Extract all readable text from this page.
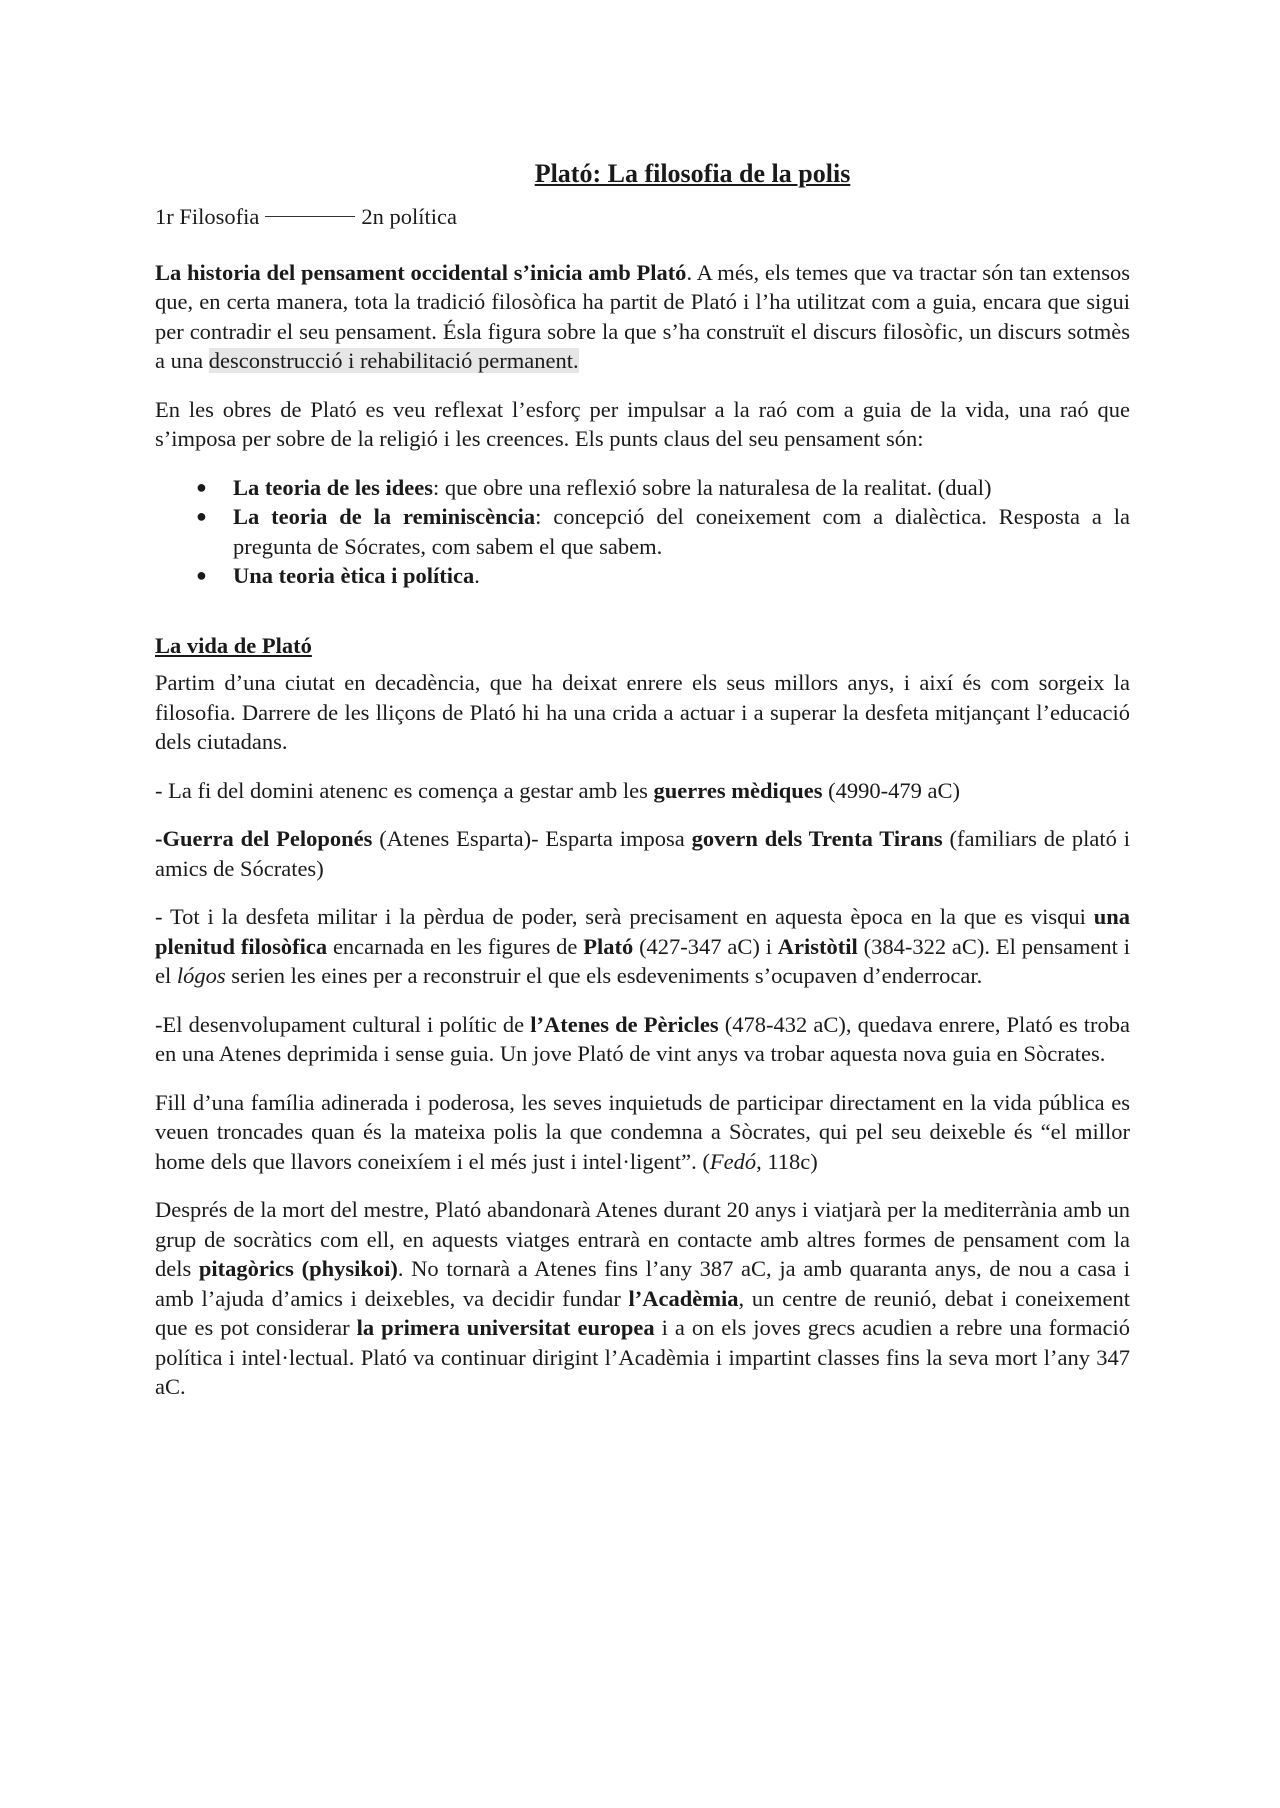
Plató: La filosofia de la polis
1r Filosofia	2n política

La historia del pensament occidental s’inicia amb Plató. A més, els temes que va tractar són tan extensos que, en certa manera, tota la tradició filosòfica ha partit de Plató i l’ha utilitzat com a guia, encara que sigui per contradir el seu pensament. Ésla figura sobre la que s’ha construït el discurs filosòfic, un discurs sotmès a una desconstrucció i rehabilitació permanent.

En les obres de Plató es veu reflexat l’esforç per impulsar a la raó com a guia de la vida, una raó que s’imposa per sobre de la religió i les creences. Els punts claus del seu pensament són:

● La teoria de les idees: que obre una reflexió sobre la naturalesa de la realitat. (dual)
● La teoria de la reminiscència: concepció del coneixement com a dialèctica. Resposta a la pregunta de Sócrates, com sabem el que sabem.
● Una teoria ètica i política.
La vida de Plató

Partim d’una ciutat en decadència, que ha deixat enrere els seus millors anys, i així és com sorgeix la filosofia. Darrere de les lliçons de Plató hi ha una crida a actuar i a superar la desfeta mitjançant l’educació dels ciutadans.

- La fi del domini atenenc es comença a gestar amb les guerres mèdiques (4990-479 aC)

-Guerra del Peloponés (Atenes Esparta)- Esparta imposa govern dels Trenta Tirans (familiars de plató i amics de Sócrates)

- Tot i la desfeta militar i la pèrdua de poder, serà precisament en aquesta època en la que es visqui una plenitud filosòfica encarnada en les figures de Plató (427-347 aC) i Aristòtil (384-322 aC). El pensament i el lógos serien les eines per a reconstruir el que els esdeveniments s’ocupaven d’enderrocar.

-El desenvolupament cultural i polític de l’Atenes de Pèricles (478-432 aC), quedava enrere, Plató es troba en una Atenes deprimida i sense guia. Un jove Plató de vint anys va trobar aquesta nova guia en Sòcrates.

Fill d’una família adinerada i poderosa, les seves inquietuds de participar directament en la vida pública es veuen troncades quan és la mateixa polis la que condemna a Sòcrates, qui pel seu deixeble és “el millor home dels que llavors coneixíem i el més just i intel·ligent”. (Fedó, 118c)

Després de la mort del mestre, Plató abandonarà Atenes durant 20 anys i viatjarà per la mediterrània amb un grup de socràtics com ell, en aquests viatges entrarà en contacte amb altres formes de pensament com la dels pitagòrics (physikoi). No tornarà a Atenes fins l’any 387 aC, ja amb quaranta anys, de nou a casa i amb l’ajuda d’amics i deixebles, va decidir fundar l’Acadèmia, un centre de reunió, debat i coneixement que es pot considerar la primera universitat europea i a on els joves grecs acudien a rebre una formació política i intel·lectual. Plató va continuar dirigint l’Acadèmia i impartint classes fins la seva mort l’any 347 aC.
